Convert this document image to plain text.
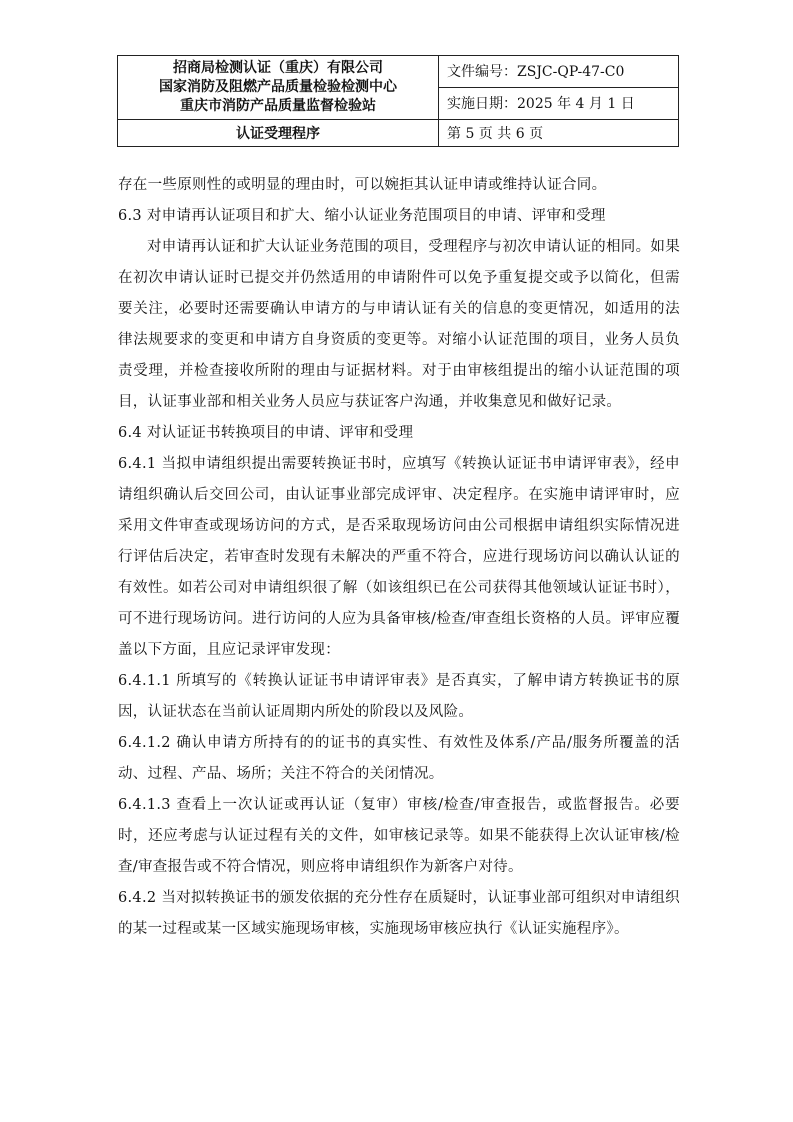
招商局检测认证（重庆）有限公司
国家消防及阻燃产品质量检验检测中心
重庆市消防产品质量监督检验站	文件编号：ZSJC-QP-47-C0
	实施日期：2025 年 4 月 1 日
认证受理程序	第 5 页 共 6 页

存在一些原则性的或明显的理由时，可以婉拒其认证申请或维持认证合同。

6.3 对申请再认证项目和扩大、缩小认证业务范围项目的申请、评审和受理

对申请再认证和扩大认证业务范围的项目，受理程序与初次申请认证的相同。如果在初次申请认证时已提交并仍然适用的申请附件可以免予重复提交或予以简化，但需要关注，必要时还需要确认申请方的与申请认证有关的信息的变更情况，如适用的法律法规要求的变更和申请方自身资质的变更等。对缩小认证范围的项目，业务人员负责受理，并检查接收所附的理由与证据材料。对于由审核组提出的缩小认证范围的项目，认证事业部和相关业务人员应与获证客户沟通，并收集意见和做好记录。

6.4 对认证证书转换项目的申请、评审和受理

6.4.1 当拟申请组织提出需要转换证书时，应填写《转换认证证书申请评审表》，经申请组织确认后交回公司，由认证事业部完成评审、决定程序。在实施申请评审时，应采用文件审查或现场访问的方式，是否采取现场访问由公司根据申请组织实际情况进行评估后决定，若审查时发现有未解决的严重不符合，应进行现场访问以确认认证的有效性。如若公司对申请组织很了解（如该组织已在公司获得其他领域认证证书时），可不进行现场访问。进行访问的人应为具备审核/检查/审查组长资格的人员。评审应覆盖以下方面，且应记录评审发现：

6.4.1.1 所填写的《转换认证证书申请评审表》是否真实，了解申请方转换证书的原因，认证状态在当前认证周期内所处的阶段以及风险。

6.4.1.2 确认申请方所持有的的证书的真实性、有效性及体系/产品/服务所覆盖的活动、过程、产品、场所；关注不符合的关闭情况。

6.4.1.3 查看上一次认证或再认证（复审）审核/检查/审查报告，或监督报告。必要时，还应考虑与认证过程有关的文件，如审核记录等。如果不能获得上次认证审核/检查/审查报告或不符合情况，则应将申请组织作为新客户对待。

6.4.2 当对拟转换证书的颁发依据的充分性存在质疑时，认证事业部可组织对申请组织的某一过程或某一区域实施现场审核，实施现场审核应执行《认证实施程序》。
